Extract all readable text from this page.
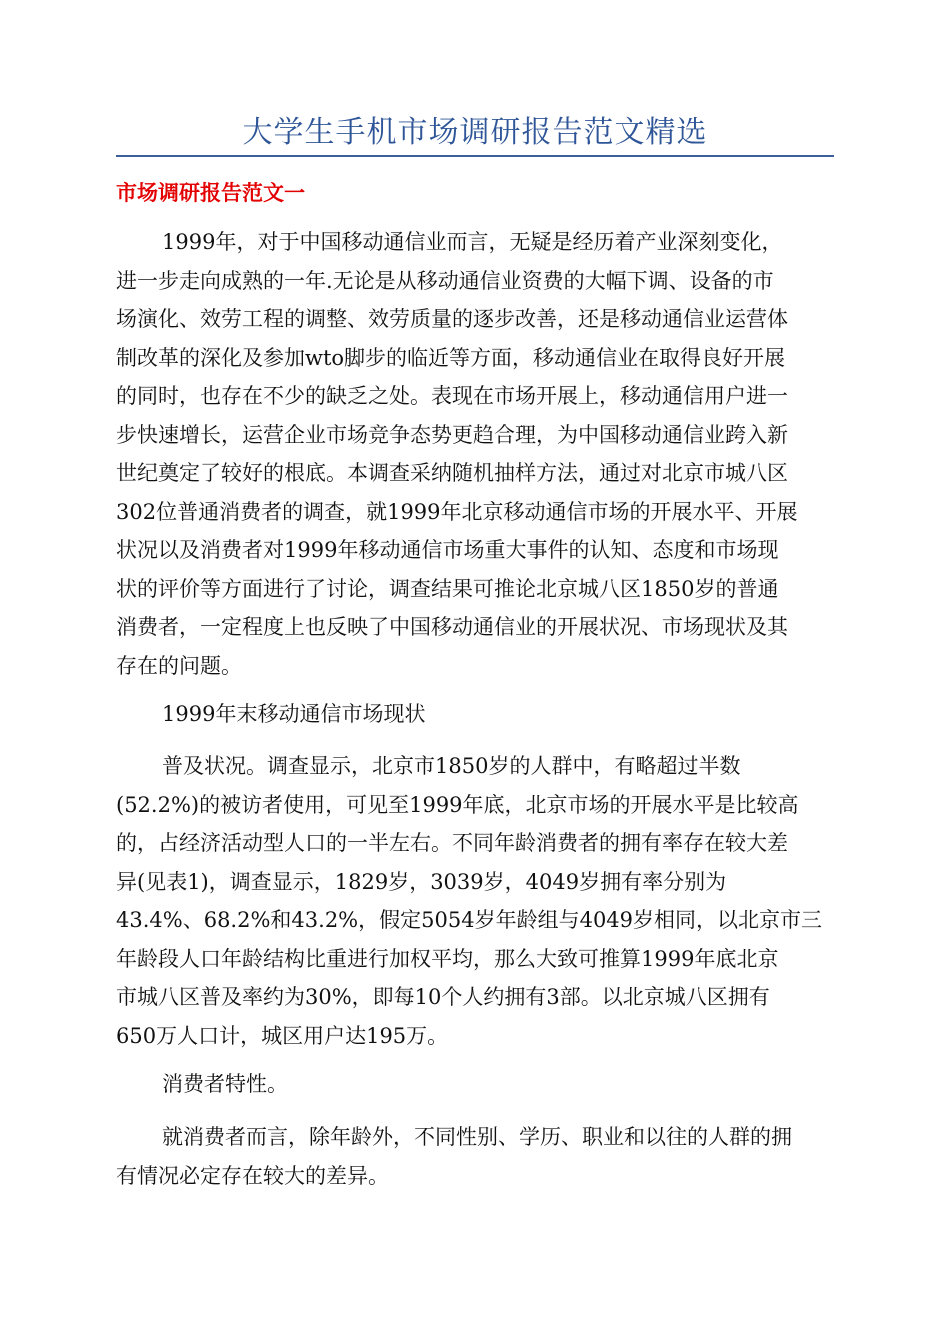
大学生手机市场调研报告范文精选
市场调研报告范文一
1999年，对于中国移动通信业而言，无疑是经历着产业深刻变化，
进一步走向成熟的一年.无论是从移动通信业资费的大幅下调、设备的市
场演化、效劳工程的调整、效劳质量的逐步改善，还是移动通信业运营体
制改革的深化及参加wto脚步的临近等方面，移动通信业在取得良好开展
的同时，也存在不少的缺乏之处。表现在市场开展上，移动通信用户进一
步快速增长，运营企业市场竞争态势更趋合理，为中国移动通信业跨入新
世纪奠定了较好的根底。本调查采纳随机抽样方法，通过对北京市城八区
302位普通消费者的调查，就1999年北京移动通信市场的开展水平、开展
状况以及消费者对1999年移动通信市场重大事件的认知、态度和市场现
状的评价等方面进行了讨论，调查结果可推论北京城八区1850岁的普通
消费者，一定程度上也反映了中国移动通信业的开展状况、市场现状及其
存在的问题。
1999年末移动通信市场现状
普及状况。调查显示，北京市1850岁的人群中，有略超过半数
(52.2%)的被访者使用，可见至1999年底，北京市场的开展水平是比较高
的，占经济活动型人口的一半左右。不同年龄消费者的拥有率存在较大差
异(见表1)，调查显示，1829岁，3039岁，4049岁拥有率分别为
43.4%、68.2%和43.2%，假定5054岁年龄组与4049岁相同，以北京市三
年龄段人口年龄结构比重进行加权平均，那么大致可推算1999年底北京
市城八区普及率约为30%，即每10个人约拥有3部。以北京城八区拥有
650万人口计，城区用户达195万。
消费者特性。
就消费者而言，除年龄外，不同性别、学历、职业和以往的人群的拥
有情况必定存在较大的差异。
